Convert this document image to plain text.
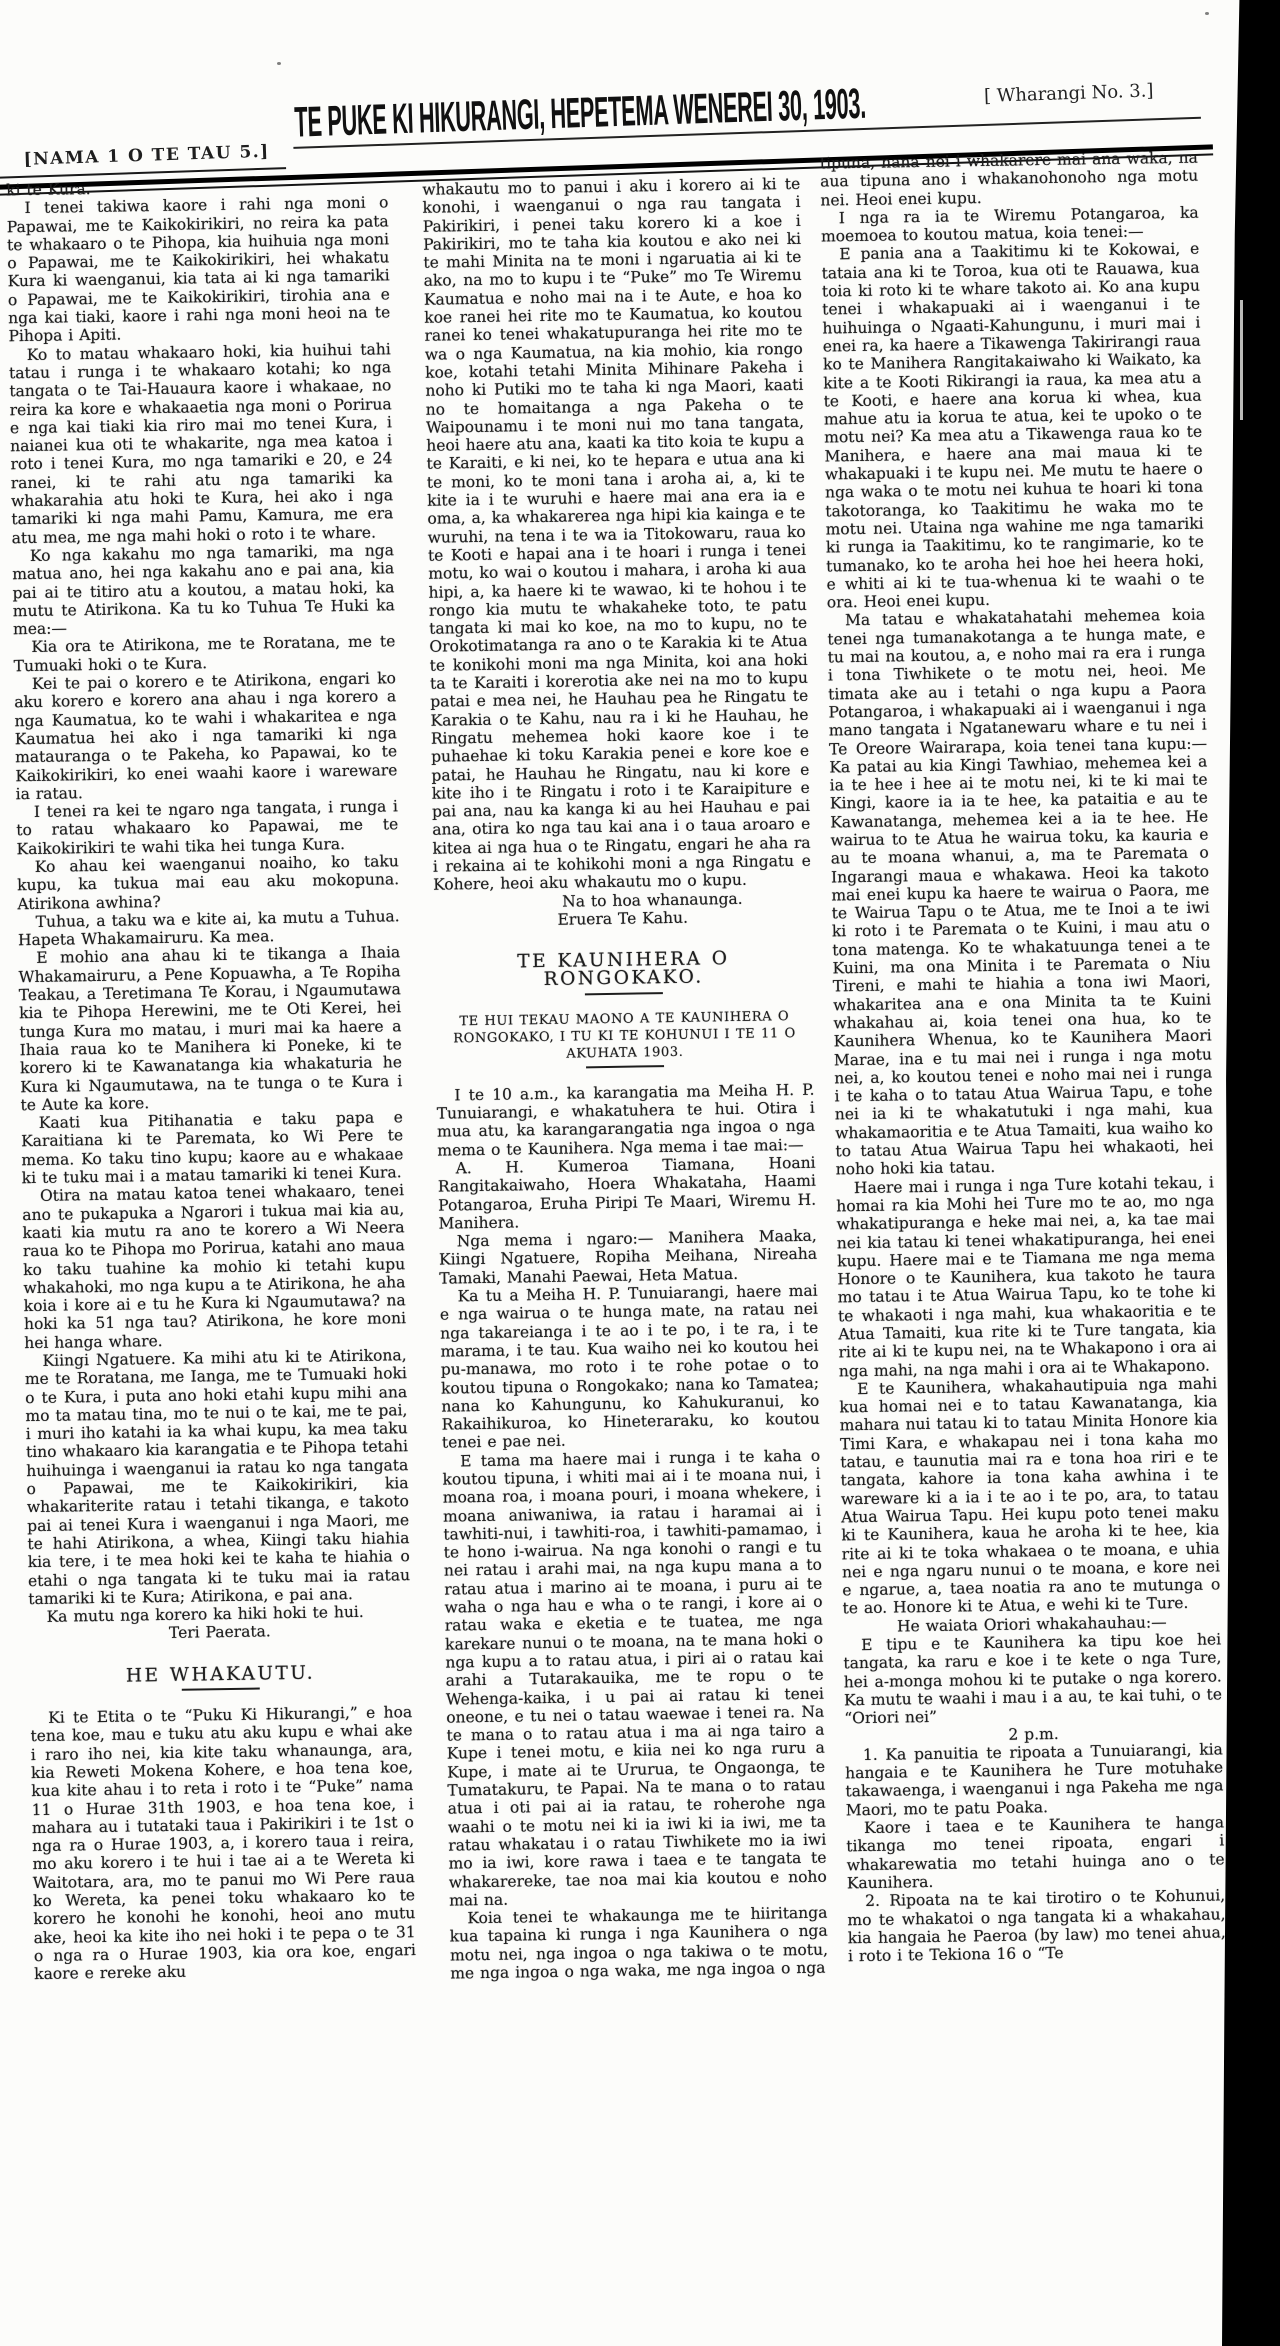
[NAMA 1 O TE TAU 5.]
TE PUKE KI HIKURANGI, HEPETEMA WENEREI 30, 1903.	[ Wharangi No. 3.]

ki te Kura.

I tenei takiwa kaore i rahi nga moni o Papawai, me te Kaikokirikiri, no reira ka pata te whakaaro o te Pihopa, kia huihuia nga moni o Papawai, me te Kaikokirikiri, hei whakatu Kura ki waenganui, kia tata ai ki nga tamariki o Papawai, me te Kaikokirikiri, tirohia ana e nga kai tiaki, kaore i rahi nga moni heoi na te Pihopa i Apiti.

Ko to matau whakaaro hoki, kia huihui tahi tatau i runga i te whakaaro kotahi; ko nga tangata o te Tai-Hauaura kaore i whakaae, no reira ka kore e whakaaetia nga moni o Porirua e nga kai tiaki kia riro mai mo tenei Kura, i naianei kua oti te whakarite, nga mea katoa i roto i tenei Kura, mo nga tamariki e 20, e 24 ranei, ki te rahi atu nga tamariki ka whakarahia atu hoki te Kura, hei ako i nga tamariki ki nga mahi Pamu, Kamura, me era atu mea, me nga mahi hoki o roto i te whare.

Ko nga kakahu mo nga tamariki, ma nga matua ano, hei nga kakahu ano e pai ana, kia pai ai te titiro atu a koutou, a matau hoki, ka mutu te Atirikona. Ka tu ko Tuhua Te Huki ka mea:—

Kia ora te Atirikona, me te Roratana, me te Tumuaki hoki o te Kura.

Kei te pai o korero e te Atirikona, engari ko aku korero e korero ana ahau i nga korero a nga Kaumatua, ko te wahi i whakaritea e nga Kaumatua hei ako i nga tamariki ki nga matauranga o te Pakeha, ko Papawai, ko te Kaikokirikiri, ko enei waahi kaore i wareware ia ratau.

I tenei ra kei te ngaro nga tangata, i runga i to ratau whakaaro ko Papawai, me te Kaikokirikiri te wahi tika hei tunga Kura.

Ko ahau kei waenganui noaiho, ko taku kupu, ka tukua mai eau aku mokopuna. Atirikona awhina?

Tuhua, a taku wa e kite ai, ka mutu a Tuhua. Hapeta Whakamairuru. Ka mea.

E mohio ana ahau ki te tikanga a Ihaia Whakamairuru, a Pene Kopuawha, a Te Ropiha Teakau, a Teretimana Te Korau, i Ngaumutawa kia te Pihopa Herewini, me te Oti Kerei, hei tunga Kura mo matau, i muri mai ka haere a Ihaia raua ko te Manihera ki Poneke, ki te korero ki te Kawanatanga kia whakaturia he Kura ki Ngaumutawa, na te tunga o te Kura i te Aute ka kore.

Kaati kua Pitihanatia e taku papa e Karaitiana ki te Paremata, ko Wi Pere te mema. Ko taku tino kupu; kaore au e whakaae ki te tuku mai i a matau tamariki ki tenei Kura.

Otira na matau katoa tenei whakaaro, tenei ano te pukapuka a Ngarori i tukua mai kia au, kaati kia mutu ra ano te korero a Wi Neera raua ko te Pihopa mo Porirua, katahi ano maua ko taku tuahine ka mohio ki tetahi kupu whakahoki, mo nga kupu a te Atirikona, he aha koia i kore ai e tu he Kura ki Ngaumutawa? na hoki ka 51 nga tau? Atirikona, he kore moni hei hanga whare.

Kiingi Ngatuere. Ka mihi atu ki te Atirikona, me te Roratana, me Ianga, me te Tumuaki hoki o te Kura, i puta ano hoki etahi kupu mihi ana mo ta matau tina, mo te nui o te kai, me te pai, i muri iho katahi ia ka whai kupu, ka mea taku tino whakaaro kia karangatia e te Pihopa tetahi huihuinga i waenganui ia ratau ko nga tangata o Papawai, me te Kaikokirikiri, kia whakariterite ratau i tetahi tikanga, e takoto pai ai tenei Kura i waenganui i nga Maori, me te hahi Atirikona, a whea, Kiingi taku hiahia kia tere, i te mea hoki kei te kaha te hiahia o etahi o nga tangata ki te tuku mai ia ratau tamariki ki te Kura; Atirikona, e pai ana.

Ka mutu nga korero ka hiki hoki te hui.

Teri Paerata.

HE WHAKAUTU.

Ki te Etita o te “Puku Ki Hikurangi,” e hoa tena koe, mau e tuku atu aku kupu e whai ake i raro iho nei, kia kite taku whanaunga, ara, kia Reweti Mokena Kohere, e hoa tena koe, kua kite ahau i to reta i roto i te “Puke” nama 11 o Hurae 31th 1903, e hoa tena koe, i mahara au i tutataki taua i Pakirikiri i te 1st o nga ra o Hurae 1903, a, i korero taua i reira, mo aku korero i te hui i tae ai a te Wereta ki Waitotara, ara, mo te panui mo Wi Pere raua ko Wereta, ka penei toku whakaaro ko te korero he konohi he konohi, heoi ano mutu ake, heoi ka kite iho nei hoki i te pepa o te 31 o nga ra o Hurae 1903, kia ora koe, engari kaore e rereke aku

whakautu mo to panui i aku i korero ai ki te konohi, i waenganui o nga rau tangata i Pakirikiri, i penei taku korero ki a koe i Pakirikiri, mo te taha kia koutou e ako nei ki te mahi Minita na te moni i ngaruatia ai ki te ako, na mo to kupu i te “Puke” mo Te Wiremu Kaumatua e noho mai na i te Aute, e hoa ko koe ranei hei rite mo te Kaumatua, ko koutou ranei ko tenei whakatupuranga hei rite mo te wa o nga Kaumatua, na kia mohio, kia rongo koe, kotahi tetahi Minita Mihinare Pakeha i noho ki Putiki mo te taha ki nga Maori, kaati no te homaitanga a nga Pakeha o te Waipounamu i te moni nui mo tana tangata, heoi haere atu ana, kaati ka tito koia te kupu a te Karaiti, e ki nei, ko te hepara e utua ana ki te moni, ko te moni tana i aroha ai, a, ki te kite ia i te wuruhi e haere mai ana era ia e oma, a, ka whakarerea nga hipi kia kainga e te wuruhi, na tena i te wa ia Titokowaru, raua ko te Kooti e hapai ana i te hoari i runga i tenei motu, ko wai o koutou i mahara, i aroha ki aua hipi, a, ka haere ki te wawao, ki te hohou i te rongo kia mutu te whakaheke toto, te patu tangata ki mai ko koe, na mo to kupu, no te Orokotimatanga ra ano o te Karakia ki te Atua te konikohi moni ma nga Minita, koi ana hoki ta te Karaiti i korerotia ake nei na mo to kupu patai e mea nei, he Hauhau pea he Ringatu te Karakia o te Kahu, nau ra i ki he Hauhau, he Ringatu mehemea hoki kaore koe i te puhaehae ki toku Karakia penei e kore koe e patai, he Hauhau he Ringatu, nau ki kore e kite iho i te Ringatu i roto i te Karaipiture e pai ana, nau ka kanga ki au hei Hauhau e pai ana, otira ko nga tau kai ana i o taua aroaro e kitea ai nga hua o te Ringatu, engari he aha ra i rekaina ai te kohikohi moni a nga Ringatu e Kohere, heoi aku whakautu mo o kupu.

Na to hoa whanaunga.

Eruera Te Kahu.

TE KAUNIHERA O RONGOKAKO.

TE HUI TEKAU MAONO A TE KAUNIHERA O RONGOKAKO, I TU KI TE KOHUNUI I TE 11 O AKUHATA 1903.

I te 10 a.m., ka karangatia ma Meiha H. P. Tunuiarangi, e whakatuhera te hui. Otira i mua atu, ka karangarangatia nga ingoa o nga mema o te Kaunihera. Nga mema i tae mai:—

A. H. Kumeroa Tiamana, Hoani Rangitakaiwaho, Hoera Whakataha, Haami Potangaroa, Eruha Piripi Te Maari, Wiremu H. Manihera.

Nga mema i ngaro:— Manihera Maaka, Kiingi Ngatuere, Ropiha Meihana, Nireaha Tamaki, Manahi Paewai, Heta Matua.

Ka tu a Meiha H. P. Tunuiarangi, haere mai e nga wairua o te hunga mate, na ratau nei nga takareianga i te ao i te po, i te ra, i te marama, i te tau. Kua waiho nei ko koutou hei pu-manawa, mo roto i te rohe potae o to koutou tipuna o Rongokako; nana ko Tamatea; nana ko Kahungunu, ko Kahukuranui, ko Rakaihikuroa, ko Hineteraraku, ko koutou tenei e pae nei.

E tama ma haere mai i runga i te kaha o koutou tipuna, i whiti mai ai i te moana nui, i moana roa, i moana pouri, i moana whekere, i moana aniwaniwa, ia ratau i haramai ai i tawhiti-nui, i tawhiti-roa, i tawhiti-pamamao, i te hono i-wairua. Na nga konohi o rangi e tu nei ratau i arahi mai, na nga kupu mana a to ratau atua i marino ai te moana, i puru ai te waha o nga hau e wha o te rangi, i kore ai o ratau waka e eketia e te tuatea, me nga karekare nunui o te moana, na te mana hoki o nga kupu a to ratau atua, i piri ai o ratau kai arahi a Tutarakauika, me te ropu o te Wehenga-kaika, i u pai ai ratau ki tenei oneone, e tu nei o tatau waewae i tenei ra. Na te mana o to ratau atua i ma ai nga tairo a Kupe i tenei motu, e kiia nei ko nga ruru a Kupe, i mate ai te Ururua, te Ongaonga, te Tumatakuru, te Papai. Na te mana o to ratau atua i oti pai ai ia ratau, te roherohe nga waahi o te motu nei ki ia iwi ki ia iwi, me ta ratau whakatau i o ratau Tiwhikete mo ia iwi mo ia iwi, kore rawa i taea e te tangata te whakarereke, tae noa mai kia koutou e noho mai na.

Koia tenei te whakaunga me te hiiritanga kua tapaina ki runga i nga Kaunihera o nga motu nei, nga ingoa o nga takiwa o te motu, me nga ingoa o nga waka, me nga ingoa o nga

tipuna, nana nei i whakarere mai ana waka, na aua tipuna ano i whakanohonoho nga motu nei. Heoi enei kupu.

I nga ra ia te Wiremu Potangaroa, ka moemoea to koutou matua, koia tenei:—

E pania ana a Taakitimu ki te Kokowai, e tataia ana ki te Toroa, kua oti te Rauawa, kua toia ki roto ki te whare takoto ai. Ko ana kupu tenei i whakapuaki ai i waenganui i te huihuinga o Ngaati-Kahungunu, i muri mai i enei ra, ka haere a Tikawenga Takirirangi raua ko te Manihera Rangitakaiwaho ki Waikato, ka kite a te Kooti Rikirangi ia raua, ka mea atu a te Kooti, e haere ana korua ki whea, kua mahue atu ia korua te atua, kei te upoko o te motu nei? Ka mea atu a Tikawenga raua ko te Manihera, e haere ana mai maua ki te whakapuaki i te kupu nei. Me mutu te haere o nga waka o te motu nei kuhua te hoari ki tona takotoranga, ko Taakitimu he waka mo te motu nei. Utaina nga wahine me nga tamariki ki runga ia Taakitimu, ko te rangimarie, ko te tumanako, ko te aroha hei hoe hei heera hoki, e whiti ai ki te tua-whenua ki te waahi o te ora. Heoi enei kupu.

Ma tatau e whakatahatahi mehemea koia tenei nga tumanakotanga a te hunga mate, e tu mai na koutou, a, e noho mai ra era i runga i tona Tiwhikete o te motu nei, heoi. Me timata ake au i tetahi o nga kupu a Paora Potangaroa, i whakapuaki ai i waenganui i nga mano tangata i Ngatanewaru whare e tu nei i Te Oreore Wairarapa, koia tenei tana kupu:— Ka patai au kia Kingi Tawhiao, mehemea kei a ia te hee i hee ai te motu nei, ki te ki mai te Kingi, kaore ia ia te hee, ka pataitia e au te Kawanatanga, mehemea kei a ia te hee. He wairua to te Atua he wairua toku, ka kauria e au te moana whanui, a, ma te Paremata o Ingarangi maua e whakawa. Heoi ka takoto mai enei kupu ka haere te wairua o Paora, me te Wairua Tapu o te Atua, me te Inoi a te iwi ki roto i te Paremata o te Kuini, i mau atu o tona matenga. Ko te whakatuunga tenei a te Kuini, ma ona Minita i te Paremata o Niu Tireni, e mahi te hiahia a tona iwi Maori, whakaritea ana e ona Minita ta te Kuini whakahau ai, koia tenei ona hua, ko te Kaunihera Whenua, ko te Kaunihera Maori Marae, ina e tu mai nei i runga i nga motu nei, a, ko koutou tenei e noho mai nei i runga i te kaha o to tatau Atua Wairua Tapu, e tohe nei ia ki te whakatutuki i nga mahi, kua whakamaoritia e te Atua Tamaiti, kua waiho ko to tatau Atua Wairua Tapu hei whakaoti, hei noho hoki kia tatau.

Haere mai i runga i nga Ture kotahi tekau, i homai ra kia Mohi hei Ture mo te ao, mo nga whakatipuranga e heke mai nei, a, ka tae mai nei kia tatau ki tenei whakatipuranga, hei enei kupu. Haere mai e te Tiamana me nga mema Honore o te Kaunihera, kua takoto he taura mo tatau i te Atua Wairua Tapu, ko te tohe ki te whakaoti i nga mahi, kua whakaoritia e te Atua Tamaiti, kua rite ki te Ture tangata, kia rite ai ki te kupu nei, na te Whakapono i ora ai nga mahi, na nga mahi i ora ai te Whakapono.

E te Kaunihera, whakahautipuia nga mahi kua homai nei e to tatau Kawanatanga, kia mahara nui tatau ki to tatau Minita Honore kia Timi Kara, e whakapau nei i tona kaha mo tatau, e taunutia mai ra e tona hoa riri e te tangata, kahore ia tona kaha awhina i te wareware ki a ia i te ao i te po, ara, to tatau Atua Wairua Tapu. Hei kupu poto tenei maku ki te Kaunihera, kaua he aroha ki te hee, kia rite ai ki te toka whakaea o te moana, e uhia nei e nga ngaru nunui o te moana, e kore nei e ngarue, a, taea noatia ra ano te mutunga o te ao. Honore ki te Atua, e wehi ki te Ture.

He waiata Oriori whakahauhau:—

E tipu e te Kaunihera ka tipu koe hei tangata, ka raru e koe i te kete o nga Ture, hei a-monga mohou ki te putake o nga korero. Ka mutu te waahi i mau i a au, te kai tuhi, o te “Oriori nei”

2 p.m.

1. Ka panuitia te ripoata a Tunuiarangi, kia hangaia e te Kaunihera he Ture motuhake takawaenga, i waenganui i nga Pakeha me nga Maori, mo te patu Poaka.

Kaore i taea e te Kaunihera te hanga tikanga mo tenei ripoata, engari i whakarewatia mo tetahi huinga ano o te Kaunihera.

2. Ripoata na te kai tirotiro o te Kohunui, mo te whakatoi o nga tangata ki a whakahau, kia hangaia he Paeroa (by law) mo tenei ahua, i roto i te Tekiona 16 o “Te
